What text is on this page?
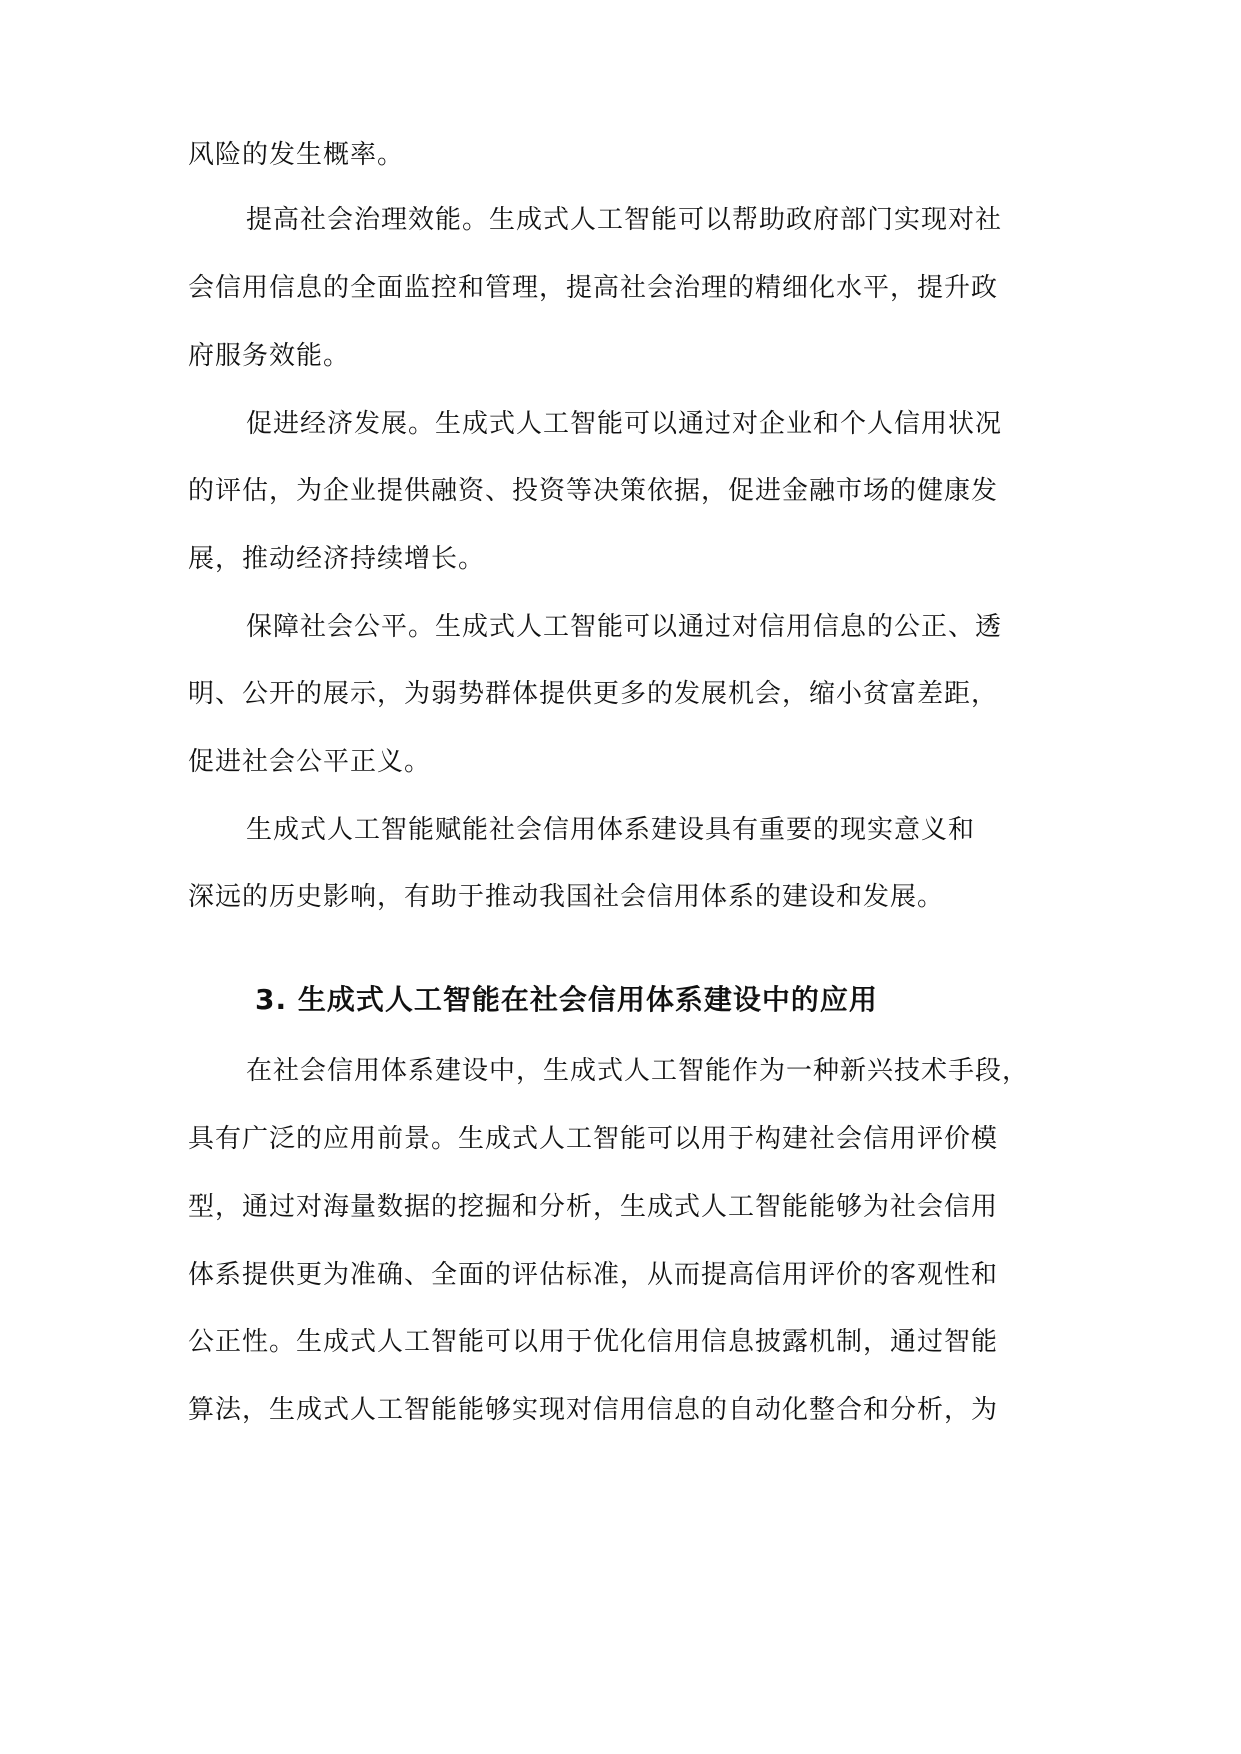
风险的发生概率。
提高社会治理效能。生成式人工智能可以帮助政府部门实现对社
会信用信息的全面监控和管理，提高社会治理的精细化水平，提升政
府服务效能。
促进经济发展。生成式人工智能可以通过对企业和个人信用状况
的评估，为企业提供融资、投资等决策依据，促进金融市场的健康发
展，推动经济持续增长。
保障社会公平。生成式人工智能可以通过对信用信息的公正、透
明、公开的展示，为弱势群体提供更多的发展机会，缩小贫富差距，
促进社会公平正义。
生成式人工智能赋能社会信用体系建设具有重要的现实意义和
深远的历史影响，有助于推动我国社会信用体系的建设和发展。
3. 生成式人工智能在社会信用体系建设中的应用
在社会信用体系建设中，生成式人工智能作为一种新兴技术手段，
具有广泛的应用前景。生成式人工智能可以用于构建社会信用评价模
型，通过对海量数据的挖掘和分析，生成式人工智能能够为社会信用
体系提供更为准确、全面的评估标准，从而提高信用评价的客观性和
公正性。生成式人工智能可以用于优化信用信息披露机制，通过智能
算法，生成式人工智能能够实现对信用信息的自动化整合和分析，为
